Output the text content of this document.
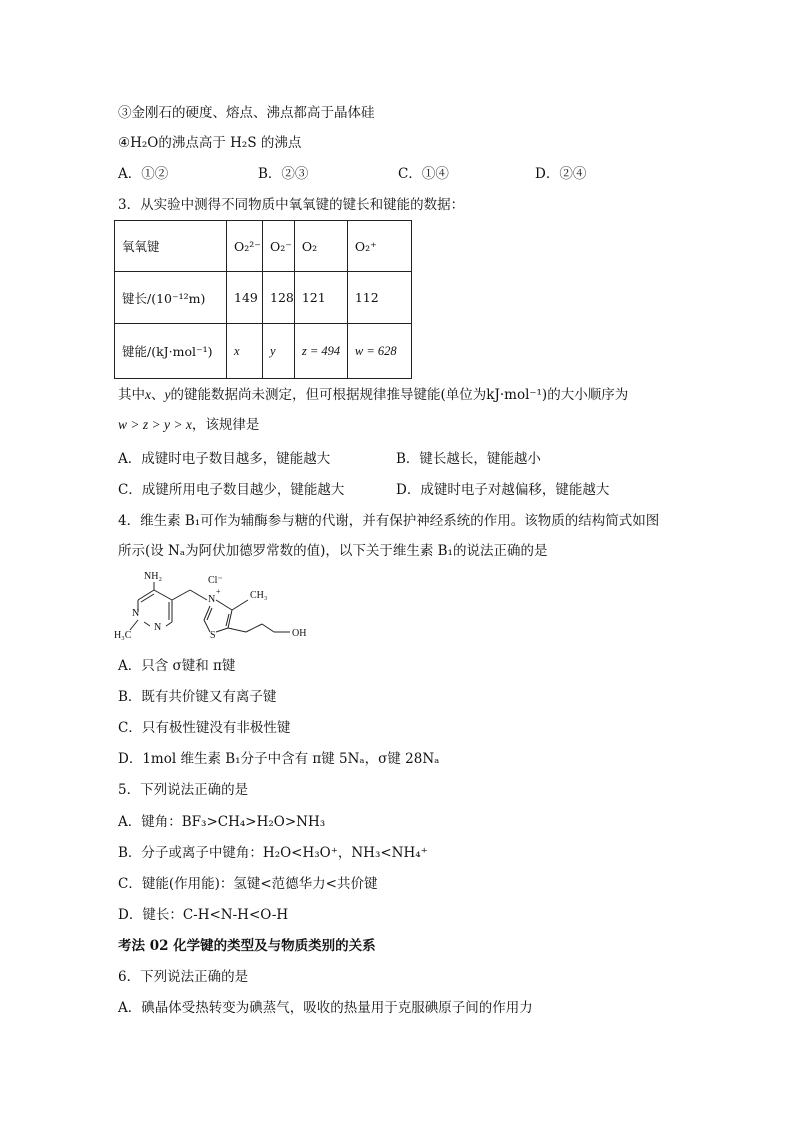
③金刚石的硬度、熔点、沸点都高于晶体硅
④H₂O的沸点高于 H₂S 的沸点
A．①②	B．②③	C．①④	D．②④
3．从实验中测得不同物质中氧氧键的键长和键能的数据：
氧氧键	O₂²⁻	O₂⁻	O₂	O₂⁺
键长/(10⁻¹²m)	149	128	121	112
键能/(kJ·mol⁻¹)	x	y	z = 494	w = 628
其中x、y的键能数据尚未测定，但可根据规律推导键能(单位为kJ·mol⁻¹)的大小顺序为
w > z > y > x，该规律是
A．成键时电子数目越多，键能越大	B．键长越长，键能越小
C．成键所用电子数目越少，键能越大	D．成键时电子对越偏移，键能越大
4．维生素 B₁可作为辅酶参与糖的代谢，并有保护神经系统的作用。该物质的结构简式如图
所示(设 Nₐ为阿伏加德罗常数的值)，以下关于维生素 B₁的说法正确的是
NH₂	Cl⁻
N
+	CH₃
N
N
H₃C	S	OH
A．只含 σ键和 π键
B．既有共价键又有离子键
C．只有极性键没有非极性键
D．1mol 维生素 B₁分子中含有 π键 5Nₐ，σ键 28Nₐ
5．下列说法正确的是
A．键角：BF₃>CH₄>H₂O>NH₃
B．分子或离子中键角：H₂O<H₃O⁺，NH₃<NH₄⁺
C．键能(作用能)：氢键<范德华力<共价键
D．键长：C-H<N-H<O-H
考法 02 化学键的类型及与物质类别的关系
6．下列说法正确的是
A．碘晶体受热转变为碘蒸气，吸收的热量用于克服碘原子间的作用力
